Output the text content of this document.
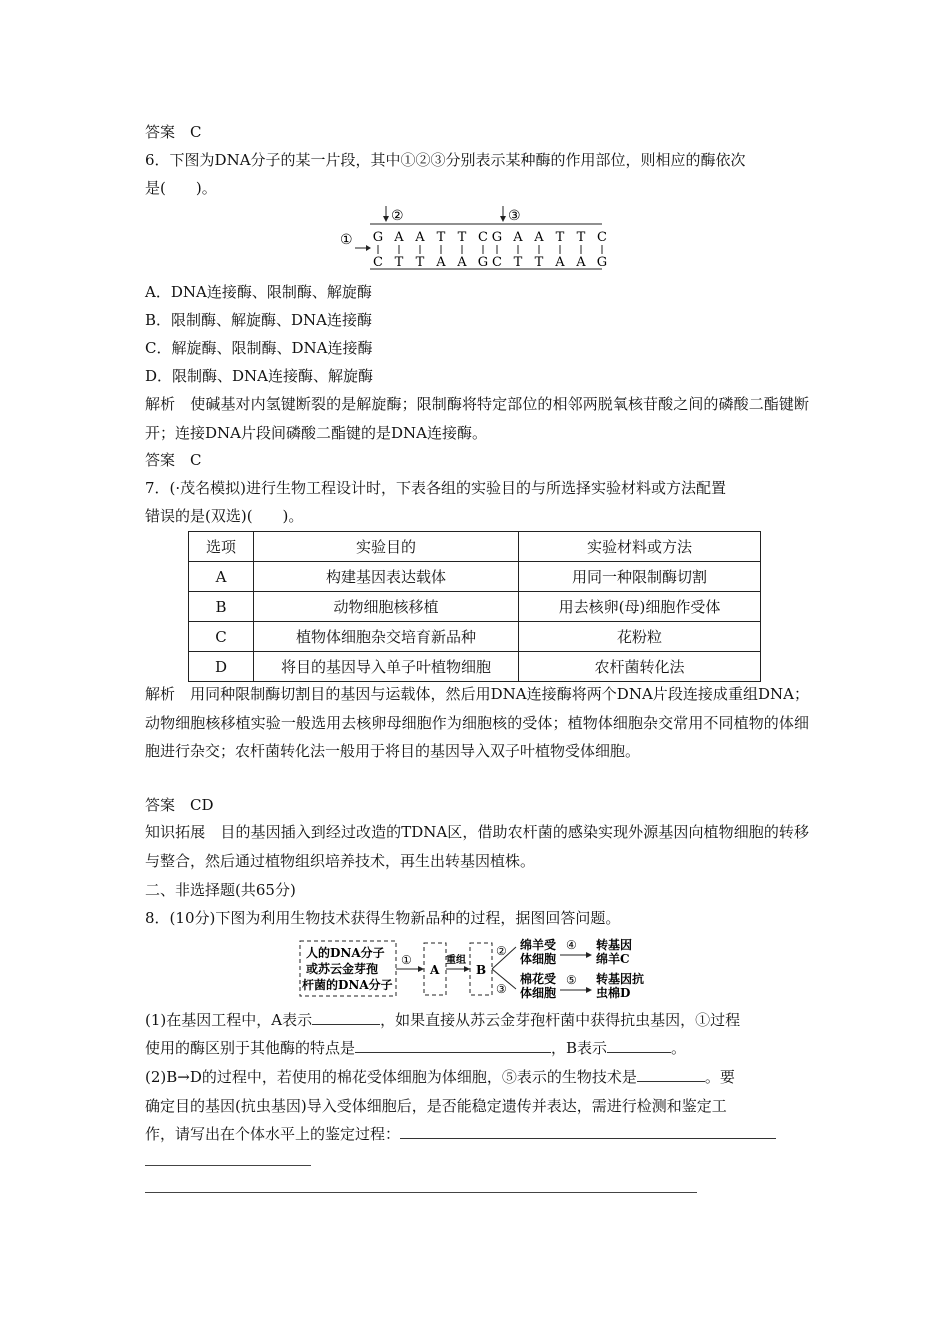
答案　C
6．下图为DNA分子的某一片段，其中①②③分别表示某种酶的作用部位，则相应的酶依次
是(　　)。
②	③
① G
C
A
T
A
T
T
A
T
A
C
G
G
C
A
T
A
T
T
A
T
A
C
G
A．DNA连接酶、限制酶、解旋酶
B．限制酶、解旋酶、DNA连接酶
C．解旋酶、限制酶、DNA连接酶
D．限制酶、DNA连接酶、解旋酶
解析　使碱基对内氢键断裂的是解旋酶；限制酶将特定部位的相邻两脱氧核苷酸之间的磷酸二酯键断开；连接DNA片段间磷酸二酯键的是DNA连接酶。
答案　C
7．(·茂名模拟)进行生物工程设计时，下表各组的实验目的与所选择实验材料或方法配置
错误的是(双选)(　　)。
选项	实验目的	实验材料或方法
A	构建基因表达载体	用同一种限制酶切割
B	动物细胞核移植	用去核卵(母)细胞作受体
C	植物体细胞杂交培育新品种	花粉粒
D	将目的基因导入单子叶植物细胞	农杆菌转化法
解析　用同种限制酶切割目的基因与运载体，然后用DNA连接酶将两个DNA片段连接成重组DNA；动物细胞核移植实验一般选用去核卵母细胞作为细胞核的受体；植物体细胞杂交常用不同植物的体细胞进行杂交；农杆菌转化法一般用于将目的基因导入双子叶植物受体细胞。
答案　CD
知识拓展　目的基因插入到经过改造的TDNA区，借助农杆菌的感染实现外源基因向植物细胞的转移与整合，然后通过植物组织培养技术，再生出转基因植株。
二、非选择题(共65分)
8．(10分)下图为利用生物技术获得生物新品种的过程，据图回答问题。
人的DNA分子
或苏云金芽孢
杆菌的DNA分子
①
A
重组
B
②
③
绵羊受
体细胞
棉花受
体细胞
④
⑤
转基因
绵羊C
转基因抗
虫棉D
(1)在基因工程中，A表示	，如果直接从苏云金芽孢杆菌中获得抗虫基因，①过程
使用的酶区别于其他酶的特点是	，B表示	。
(2)B→D的过程中，若使用的棉花受体细胞为体细胞，⑤表示的生物技术是	。要
确定目的基因(抗虫基因)导入受体细胞后，是否能稳定遗传并表达，需进行检测和鉴定工
作，请写出在个体水平上的鉴定过程：
